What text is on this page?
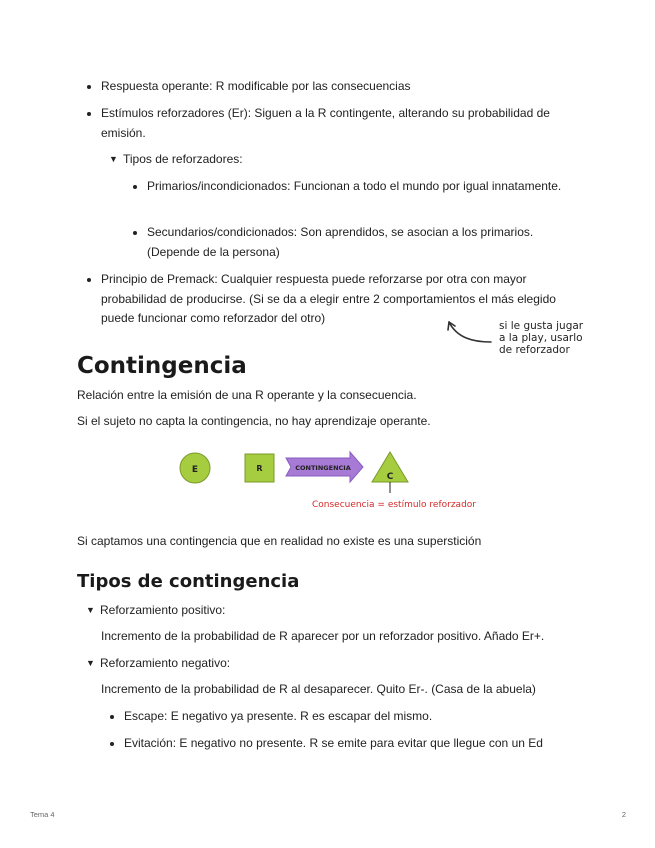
Respuesta operante: R modificable por las consecuencias
Estímulos reforzadores (Er): Siguen a la R contingente, alterando su probabilidad de emisión.
▼ Tipos de reforzadores:
Primarios/incondicionados: Funcionan a todo el mundo por igual innatamente.
Secundarios/condicionados: Son aprendidos, se asocian a los primarios. (Depende de la persona)
Principio de Premack: Cualquier respuesta puede reforzarse por otra con mayor probabilidad de producirse. (Si se da a elegir entre 2 comportamientos el más elegido puede funcionar como reforzador del otro)
si le gusta jugar a la play, usarlo de reforzador
Contingencia
Relación entre la emisión de una R operante y la consecuencia.
Si el sujeto no capta la contingencia, no hay aprendizaje operante.
E	R	CONTINGENCIA
C
Consecuencia = estímulo reforzador
Si captamos una contingencia que en realidad no existe es una superstición
Tipos de contingencia
▼ Reforzamiento positivo:
Incremento de la probabilidad de R aparecer por un reforzador positivo. Añado Er+.
▼ Reforzamiento negativo:
Incremento de la probabilidad de R al desaparecer. Quito Er-. (Casa de la abuela)
Escape: E negativo ya presente. R es escapar del mismo.
Evitación: E negativo no presente. R se emite para evitar que llegue con un Ed
Tema 4	2
